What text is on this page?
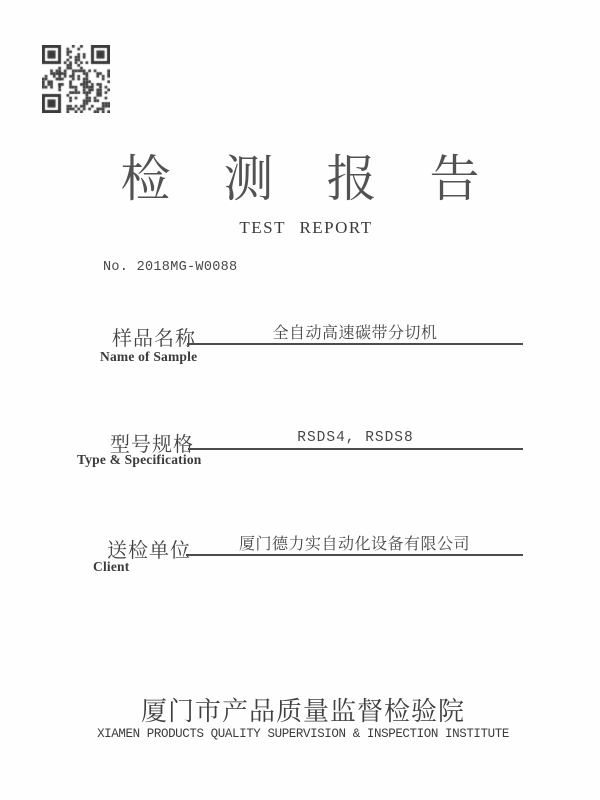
检测报告
TEST REPORT
No. 2018MG-W0088
样品名称	全自动高速碳带分切机
Name of Sample
型号规格	RSDS4, RSDS8
Type & Specification
送检单位	厦门德力实自动化设备有限公司
Client
厦门市产品质量监督检验院
XIAMEN PRODUCTS QUALITY SUPERVISION & INSPECTION INSTITUTE
